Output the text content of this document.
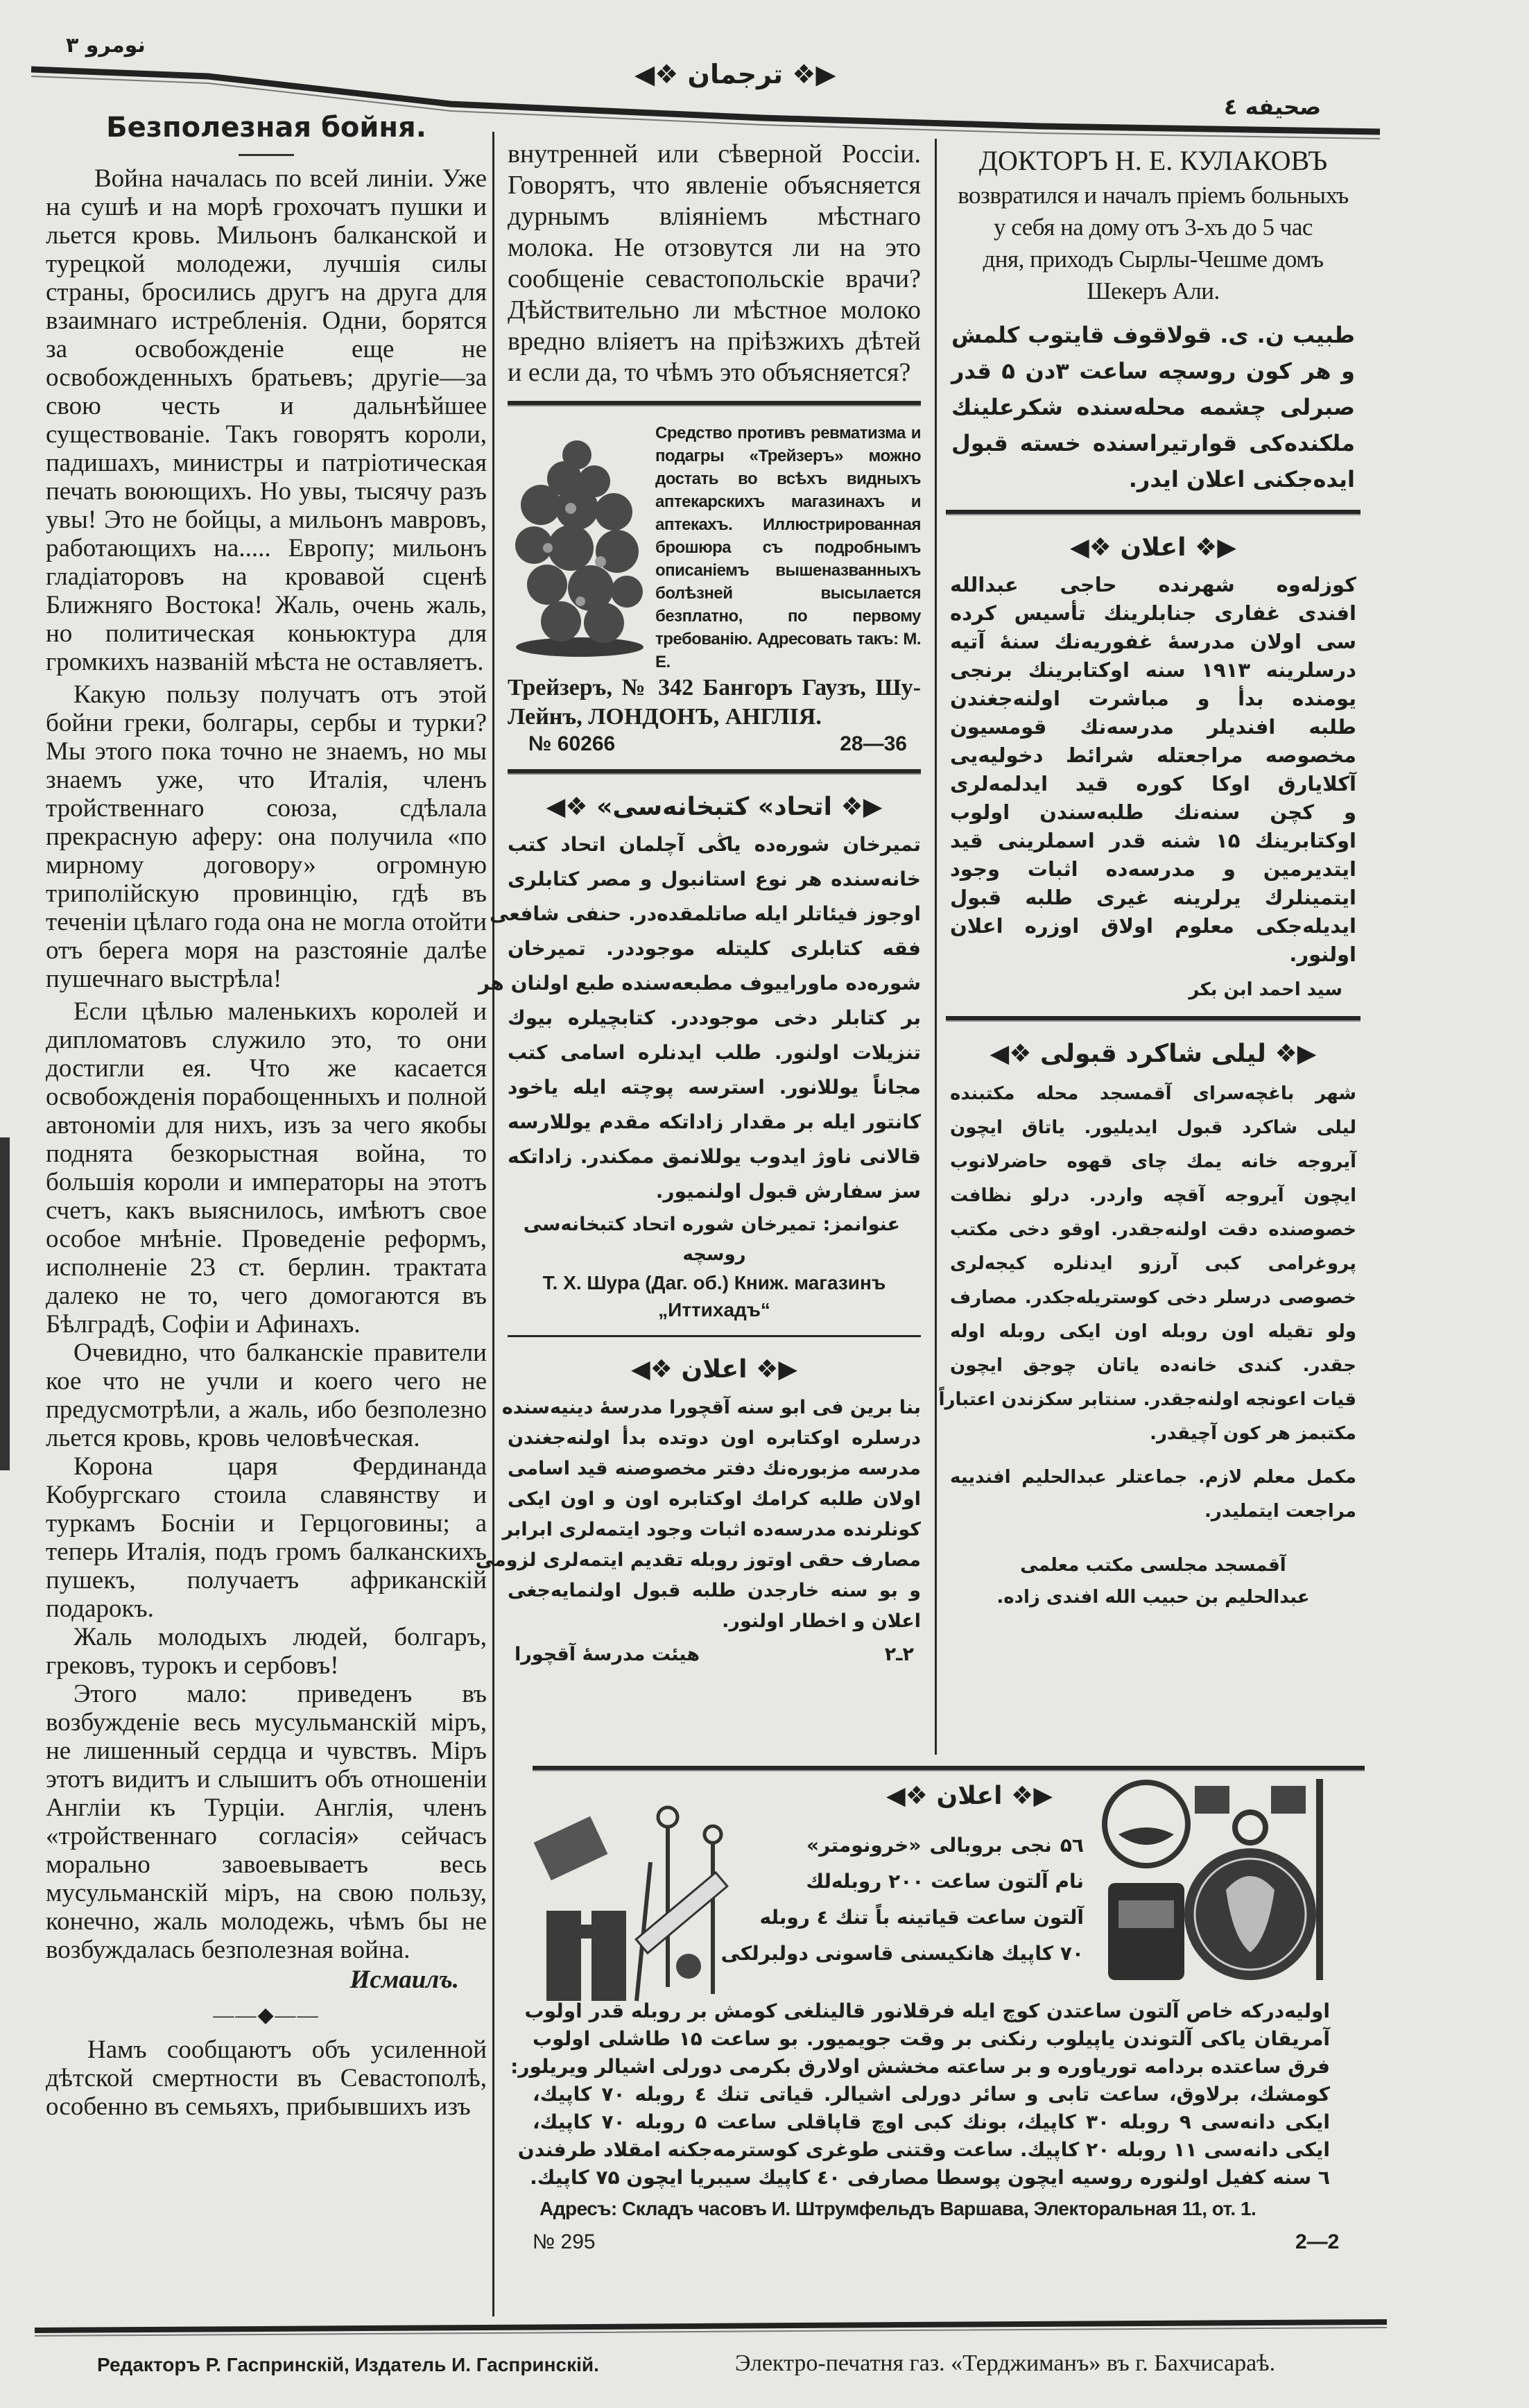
نومرو ۳
◀❖ ترجمان ❖▶
صحیفه ٤
Безполезная бойня.

Война началась по всей линіи. Уже на сушѣ и на морѣ грохочатъ пушки и льется кровь. Мильонъ балканской и турецкой молодежи, лучшія силы страны, бросились другъ на друга для взаимнаго истребленія. Одни, борятся за освобожденіе еще не освобожденныхъ братьевъ; другіе—за свою честь и дальнѣйшее существованіе. Такъ говорятъ короли, падишахъ, министры и патріотическая печать воюющихъ. Но увы, тысячу разъ увы! Это не бойцы, а мильонъ мавровъ, работающихъ на..... Европу; мильонъ гладіаторовъ на кровавой сценѣ Ближняго Востока! Жаль, очень жаль, но политическая коньюктура для громкихъ названій мѣста не оставляетъ.

Какую пользу получатъ отъ этой бойни греки, болгары, сербы и турки? Мы этого пока точно не знаемъ, но мы знаемъ уже, что Италія, членъ тройственнаго союза, сдѣлала прекрасную аферу: она получила «по мирному договору» огромную триполійскую провинцію, гдѣ въ теченіи цѣлаго года она не могла отойти отъ берега моря на разстояніе далѣе пушечнаго выстрѣла!

Если цѣлью маленькихъ королей и дипломатовъ служило это, то они достигли ея. Что же касается освобожденія порабощенныхъ и полной автономіи для нихъ, изъ за чего якобы поднята безкорыстная война, то большія короли и императоры на этотъ счетъ, какъ выяснилось, имѣютъ свое особое мнѣніе. Проведеніе реформъ, исполненіе 23 ст. берлин. трактата далеко не то, чего домогаются въ Бѣлградѣ, Софіи и Афинахъ.

Очевидно, что балканскіе правители кое что не учли и коего чего не предусмотрѣли, а жаль, ибо безполезно льется кровь, кровь человѣческая.

Корона царя Фердинанда Кобургскаго стоила славянству и туркамъ Босніи и Герцоговины; а теперь Италія, подъ громъ балканскихъ пушекъ, получаетъ африканскій подарокъ.

Жаль молодыхъ людей, болгаръ, грековъ, турокъ и сербовъ!

Этого мало: приведенъ въ возбужденіе весь мусульманскій міръ, не лишенный сердца и чувствъ. Міръ этотъ видитъ и слышитъ объ отношеніи Англіи къ Турціи. Англія, членъ «тройственнаго согласія» сейчасъ морально завоевываетъ весь мусульманскій міръ, на свою пользу, конечно, жаль молодежь, чѣмъ бы не возбуждалась безполезная война.

Исмаилъ.

——◆——

Намъ сообщаютъ объ усиленной дѣтской смертности въ Севастополѣ, особенно въ семьяхъ, прибывшихъ изъ

внутренней или сѣверной Россіи. Говорятъ, что явленіе объясняется дурнымъ вліяніемъ мѣстнаго молока. Не отзовутся ли на это сообщеніе севастопольскіе врачи? Дѣйствительно ли мѣстное молоко вредно вліяетъ на пріѣзжихъ дѣтей и если да, то чѣмъ это объясняется?
Средство противъ ревматизма и подагры «Трейзеръ» можно достать во всѣхъ видныхъ аптекарскихъ магазинахъ и аптекахъ. Иллюстрированная брошюра съ подробнымъ описаніемъ вышеназванныхъ болѣзней высылается безплатно, по первому требованію. Адресовать такъ: М. Е.
Трейзеръ, № 342 Бангоръ Гаузъ, Шу-Лейнъ, ЛОНДОНЪ, АНГЛІЯ.
№ 60266	28—36
◀❖ «اتحاد» کتبخانه‌سی ❖▶
تمیرخان شوره‌ده یاڭی آچلمان اتحاد کتب
خانه‌سنده هر نوع استانبول و مصر کتابلری
اوجوز فیئاتلر ایله صاتلمقده‌در. حنفی شافعی
فقه کتابلری کلیتله موجوددر. تمیرخان
شوره‌ده ماوراییوف مطبعه‌سنده طبع اولنان هر
بر کتابلر دخی موجوددر. کتابچیلره بیوك
تنزیلات اولنور. طلب ایدنلره اسامی کتب
مجاناً یوللانور. استرسه پوچته ایله یاخود
کانتور ایله بر مقدار زاداتکه مقدم یوللارسه
قالانی ناوژ ایدوب یوللانمق ممکندر. زاداتکه
سز سفارش قبول اولنمیور.
عنوانمز: تمیرخان شوره اتحاد کتبخانه‌سی
روسچه
Т. Х. Шура (Даг. об.) Книж. магазинъ
„Иттихадъ“
◀❖ اعلان ❖▶
بنا برین فی ابو سنه آقچورا مدرسهٔ دینیه‌سنده
درسلره اوکتابره اون دوتده بدأ اولنه‌جغندن
مدرسه مزبوره‌نك دفتر مخصوصنه قید اسامی
اولان طلبه کرامك اوکتابره اون و اون ایکی
کونلرنده مدرسه‌ده اثبات وجود ایتمه‌لری ابرابر
مصارف حقی اوتوز روبله تقدیم ایتمه‌لری لزومی
و بو سنه خارجدن طلبه قبول اولنمایه‌جغی
اعلان و اخطار اولنور.
هیئت مدرسهٔ آقچورا	۲ـ۲
ДОКТОРЪ Н. Е. КУЛАКОВЪ
возвратился и началъ пріемъ больныхъ
у себя на дому отъ 3-хъ до 5 час
дня, приходъ Сырлы-Чешме домъ
Шекеръ Али.
طبیب ن. ی. قولاقوف قایتوب کلمش
و هر کون روسچه ساعت ۳دن ۵ قدر
صبرلی چشمه محله‌سنده شکرعلینك
ملکنده‌کی قوارتیراسنده خسته قبول
ایده‌جکنی اعلان ایدر.
◀❖ اعلان ❖▶
کوزله‌وه شهرنده حاجی عبدالله
افندی غفاری جنابلرینك تأسیس کرده
سی اولان مدرسهٔ غفوریه‌نك سنهٔ آتیه
درسلرینه ۱۹۱۳ سنه اوکتابرینك برنجی
یومنده بدأ و مباشرت اولنه‌جغندن
طلبه افندیلر مدرسه‌نك قومسیون
مخصوصه مراجعتله شرائط دخولیه‌یی
آکلایارق اوکا کوره قید ایدلمه‌لری
و کچن سنه‌نك طلبه‌سندن اولوب
اوکتابرینك ۱۵ شنه قدر اسملرینی قید
ایتدیرمین و مدرسه‌ده اثبات وجود
ایتمینلرك یرلرینه غیری طلبه قبول
ایدیله‌جکی معلوم اولاق اوزره اعلان
اولنور.
سید احمد ابن بکر
◀❖ لیلی شاکرد قبولی ❖▶
شهر باغچه‌سرای آقمسجد محله مکتبنده
لیلی شاکرد قبول ایدیلیور. یاتاق ایچون
آیروجه خانه یمك چای قهوه حاضرلانوب
ایچون آیروجه آقچه واردر. درلو نظافت
خصوصنده دقت اولنه‌جقدر. اوقو دخی مکتب
پروغرامی کبی آرزو ایدنلره کیجه‌لری
خصوصی درسلر دخی کوستریله‌جکدر. مصارف
ولو تقیله اون روبله اون ایکی روبله اوله
جقدر. کندی خانه‌ده یاتان چوجق ایچون
قیات اعونجه اولنه‌جقدر. سنتابر سکزندن اعتباراً
مکتبمز هر کون آچیقدر.
مکمل معلم لازم. جماعتلر عبدالحلیم افندییه
مراجعت ایتملیدر.
آقمسجد مجلسی مکتب معلمی
عبدالحلیم بن حبیب الله افندی زاده.
◀❖ اعلان ❖▶
۵٦ نجی بروبالی «خرونومتر»
نام آلتون ساعت ۲۰۰ روبله‌لك
آلتون ساعت قیاتینه باً تنك ٤ روبله
۷۰ کاپیك هانکیسنی قاسونی دولبرلکی
اولیه‌درکه خاص آلتون ساعتدن کوچ ایله فرقلانور قالینلغی کومش بر روبله قدر اولوب
آمریقان یاکی آلتوندن یاپیلوب رنکنی بر وقت جویمیور. بو ساعت ۱۵ طاشلی اولوب
فرق ساعتده بردامه توریاوره و بر ساعته مخشش اولارق بکرمی دورلی اشیالر ویریلور:
کومشك، برلاوق، ساعت تابی و سائر دورلی اشیالر. قیاتی تنك ٤ روبله ۷۰ کاپیك،
ایکی دانه‌سی ۹ روبله ۳۰ کاپیك، بونك کبی اوچ قاپاقلی ساعت ۵ روبله ۷۰ کاپیك،
ایکی دانه‌سی ۱۱ روبله ۲۰ کاپیك. ساعت وقتنی طوغری کوسترمه‌جکنه امقلاد طرفندن
٦ سنه کفیل اولنوره روسیه ایچون پوسطا مصارفی ٤۰ کاپیك سیبریا ایچون ۷۵ کاپیك.
Адресъ: Складъ часовъ И. Штрумфельдъ Варшава, Электоральная 11, от. 1.
№ 295	2—2
Редакторъ Р. Гаспринскій, Издатель И. Гаспринскій.	Электро-печатня газ. «Терджиманъ» въ г. Бахчисараѣ.
